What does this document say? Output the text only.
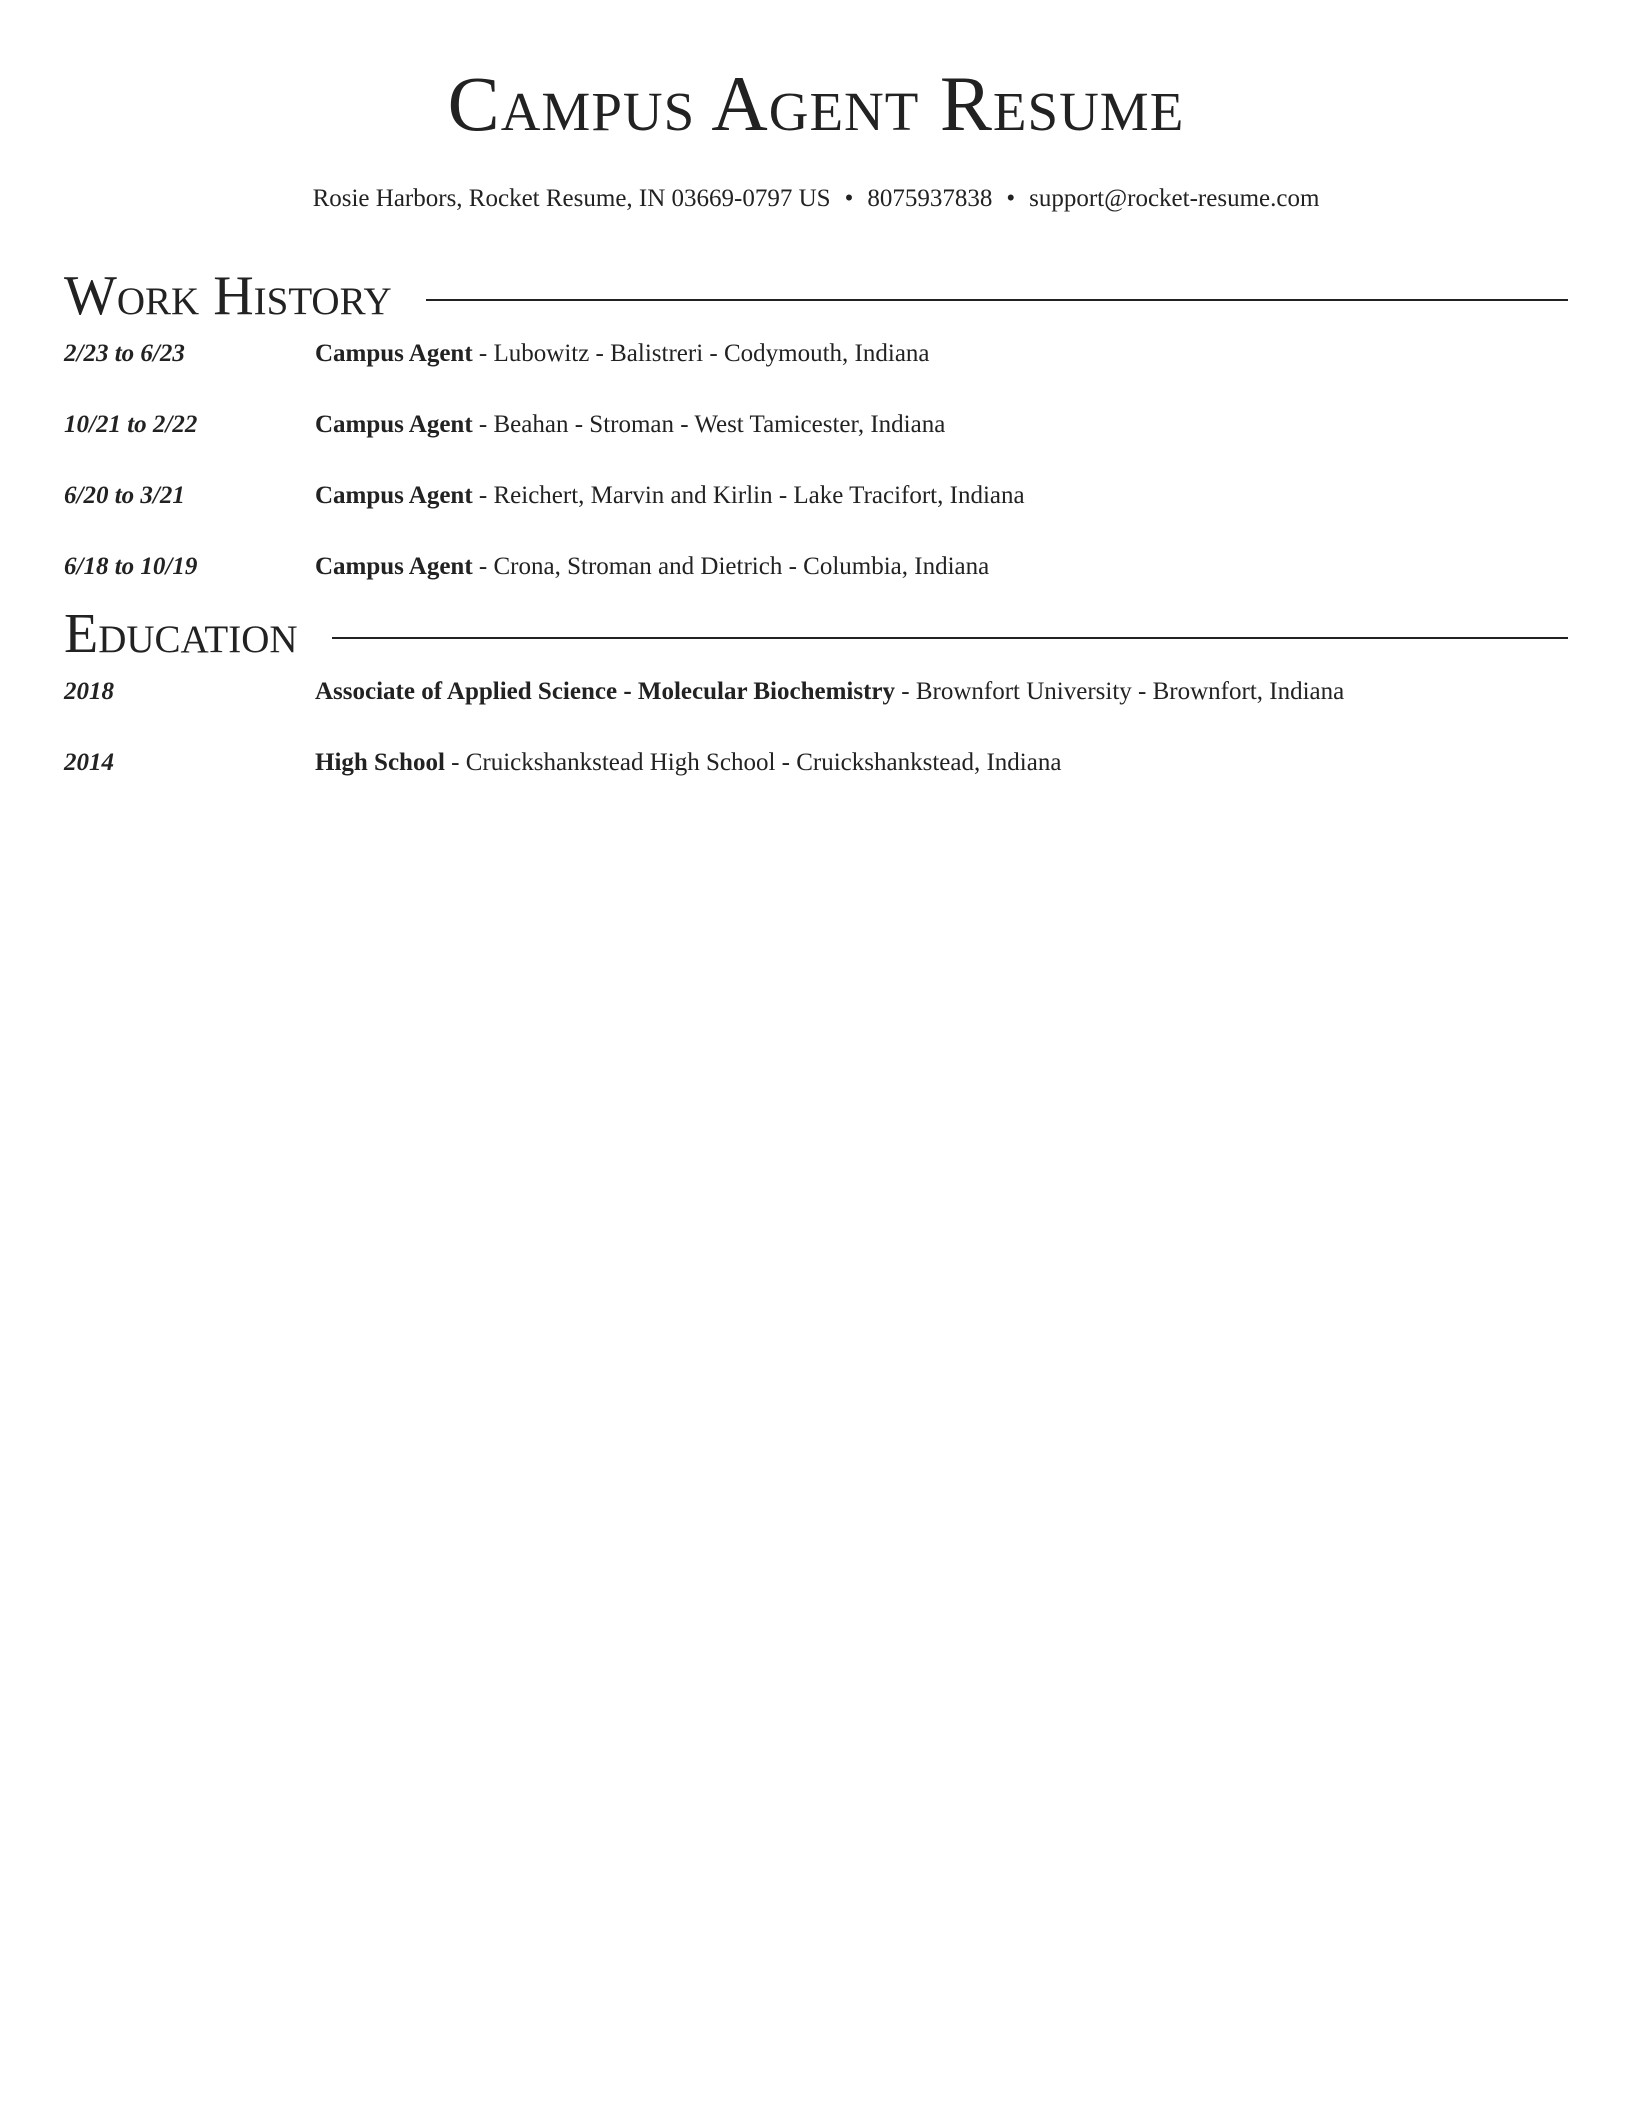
Campus Agent Resume
Rosie Harbors, Rocket Resume, IN 03669-0797 US • 8075937838 • support@rocket-resume.com
Work History
2/23 to 6/23	Campus Agent - Lubowitz - Balistreri - Codymouth, Indiana
10/21 to 2/22	Campus Agent - Beahan - Stroman - West Tamicester, Indiana
6/20 to 3/21	Campus Agent - Reichert, Marvin and Kirlin - Lake Tracifort, Indiana
6/18 to 10/19	Campus Agent - Crona, Stroman and Dietrich - Columbia, Indiana
Education
2018	Associate of Applied Science - Molecular Biochemistry - Brownfort University - Brownfort, Indiana
2014	High School - Cruickshankstead High School - Cruickshankstead, Indiana
